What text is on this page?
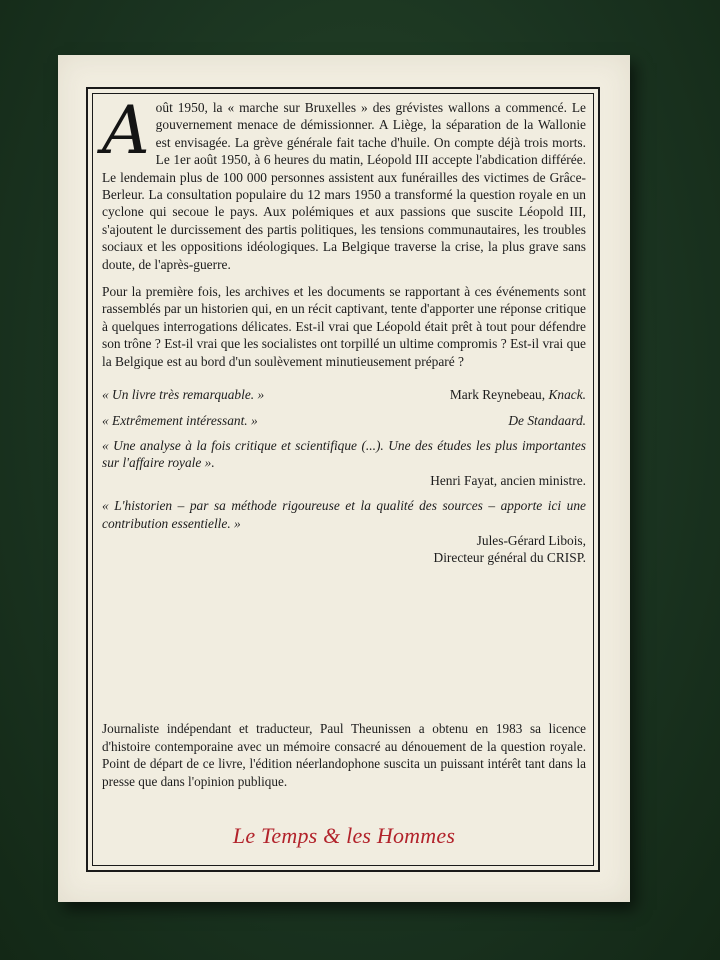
Août 1950, la « marche sur Bruxelles » des grévistes wallons a commencé. Le gouvernement menace de démissionner. A Liège, la séparation de la Wallonie est envisagée. La grève générale fait tache d'huile. On compte déjà trois morts. Le 1er août 1950, à 6 heures du matin, Léopold III accepte l'abdication différée. Le lendemain plus de 100 000 personnes assistent aux funérailles des victimes de Grâce-Berleur. La consultation populaire du 12 mars 1950 a transformé la question royale en un cyclone qui secoue le pays. Aux polémiques et aux passions que suscite Léopold III, s'ajoutent le durcissement des partis politiques, les tensions communautaires, les troubles sociaux et les oppositions idéologiques. La Belgique traverse la crise, la plus grave sans doute, de l'après-guerre.

Pour la première fois, les archives et les documents se rapportant à ces événements sont rassemblés par un historien qui, en un récit captivant, tente d'apporter une réponse critique à quelques interrogations délicates. Est-il vrai que Léopold était prêt à tout pour défendre son trône ? Est-il vrai que les socialistes ont torpillé un ultime compromis ? Est-il vrai que la Belgique est au bord d'un soulèvement minutieusement préparé ?

« Un livre très remarquable. »	Mark Reynebeau, Knack.
« Extrêmement intéressant. »	De Standaard.
« Une analyse à la fois critique et scientifique (...). Une des études les plus importantes sur l'affaire royale ».
Henri Fayat, ancien ministre.
« L'historien – par sa méthode rigoureuse et la qualité des sources – apporte ici une contribution essentielle. »
Jules-Gérard Libois,
Directeur général du CRISP.

Journaliste indépendant et traducteur, Paul Theunissen a obtenu en 1983 sa licence d'histoire contemporaine avec un mémoire consacré au dénouement de la question royale. Point de départ de ce livre, l'édition néerlandophone suscita un puissant intérêt tant dans la presse que dans l'opinion publique.

Le Temps & les Hommes
